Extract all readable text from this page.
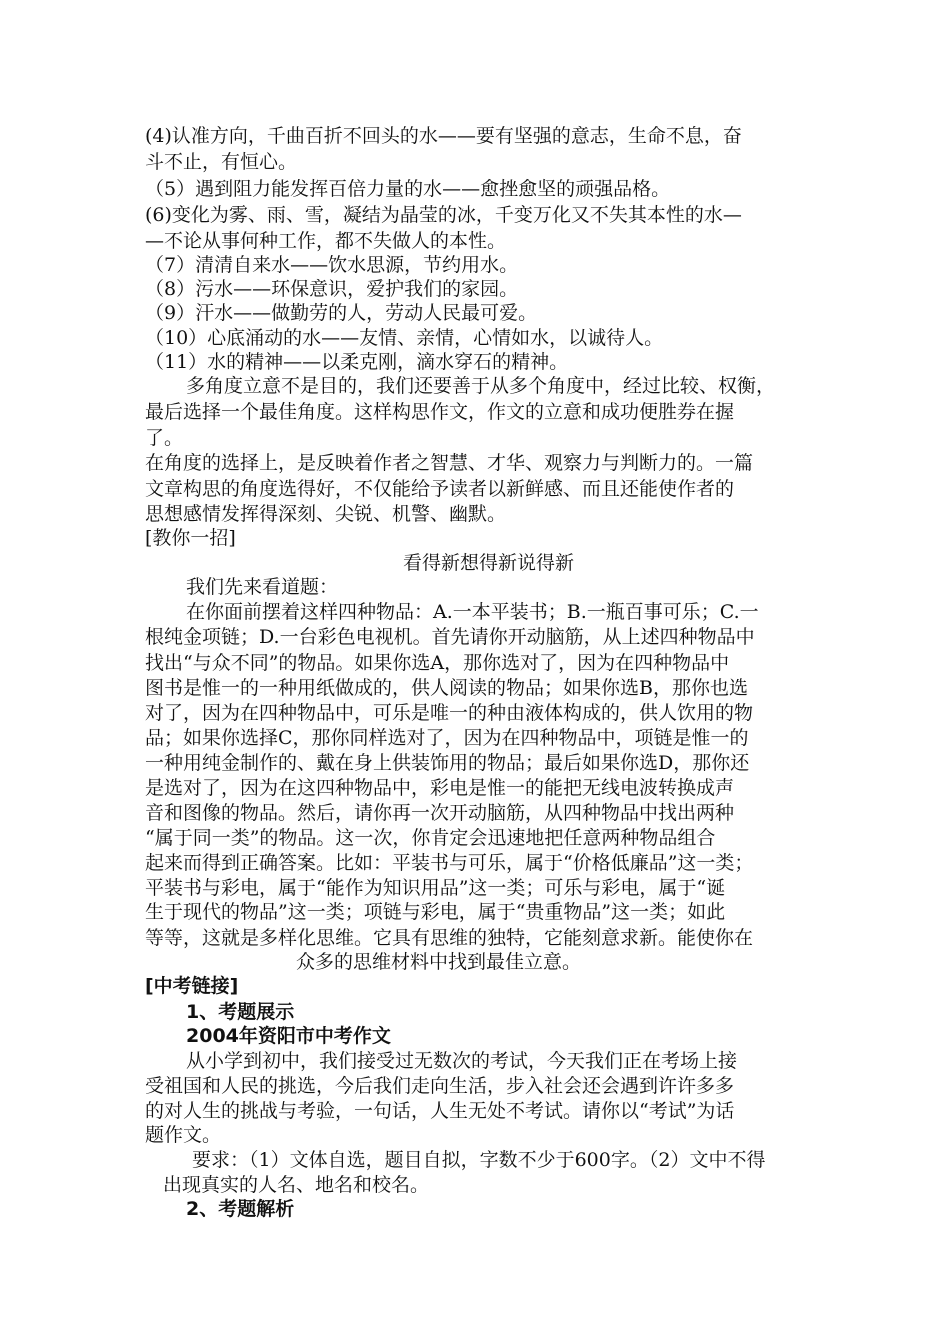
(4)认准方向，千曲百折不回头的水——要有坚强的意志，生命不息，奋
斗不止，有恒心。
（5）遇到阻力能发挥百倍力量的水——愈挫愈坚的顽强品格。
(6)变化为雾、雨、雪，凝结为晶莹的冰，千变万化又不失其本性的水—
—不论从事何种工作，都不失做人的本性。
（7）清清自来水——饮水思源，节约用水。
（8）污水——环保意识，爱护我们的家园。
（9）汗水——做勤劳的人，劳动人民最可爱。
（10）心底涌动的水——友情、亲情，心情如水，以诚待人。
（11）水的精神——以柔克刚，滴水穿石的精神。
多角度立意不是目的，我们还要善于从多个角度中，经过比较、权衡，
最后选择一个最佳角度。这样构思作文，作文的立意和成功便胜券在握
了。
在角度的选择上，是反映着作者之智慧、才华、观察力与判断力的。一篇
文章构思的角度选得好，不仅能给予读者以新鲜感、而且还能使作者的
思想感情发挥得深刻、尖锐、机警、幽默。
[教你一招]
看得新想得新说得新
我们先来看道题：
在你面前摆着这样四种物品：A.一本平装书；B.一瓶百事可乐；C.一
根纯金项链；D.一台彩色电视机。首先请你开动脑筋，从上述四种物品中
找出“与众不同”的物品。如果你选A，那你选对了，因为在四种物品中
图书是惟一的一种用纸做成的，供人阅读的物品；如果你选B，那你也选
对了，因为在四种物品中，可乐是唯一的种由液体构成的，供人饮用的物
品；如果你选择C，那你同样选对了，因为在四种物品中，项链是惟一的
一种用纯金制作的、戴在身上供装饰用的物品；最后如果你选D，那你还
是选对了，因为在这四种物品中，彩电是惟一的能把无线电波转换成声
音和图像的物品。然后，请你再一次开动脑筋，从四种物品中找出两种
“属于同一类”的物品。这一次，你肯定会迅速地把任意两种物品组合
起来而得到正确答案。比如：平装书与可乐，属于“价格低廉品”这一类；
平装书与彩电，属于“能作为知识用品”这一类；可乐与彩电，属于“诞
生于现代的物品”这一类；项链与彩电，属于“贵重物品”这一类；如此
等等，这就是多样化思维。它具有思维的独特，它能刻意求新。能使你在
众多的思维材料中找到最佳立意。
[中考链接]
1、考题展示
2004年资阳市中考作文
从小学到初中，我们接受过无数次的考试，今天我们正在考场上接
受祖国和人民的挑选，今后我们走向生活，步入社会还会遇到许许多多
的对人生的挑战与考验，一句话，人生无处不考试。请你以“考试”为话
题作文。
要求：（1）文体自选，题目自拟，字数不少于600字。（2）文中不得
出现真实的人名、地名和校名。
2、考题解析
